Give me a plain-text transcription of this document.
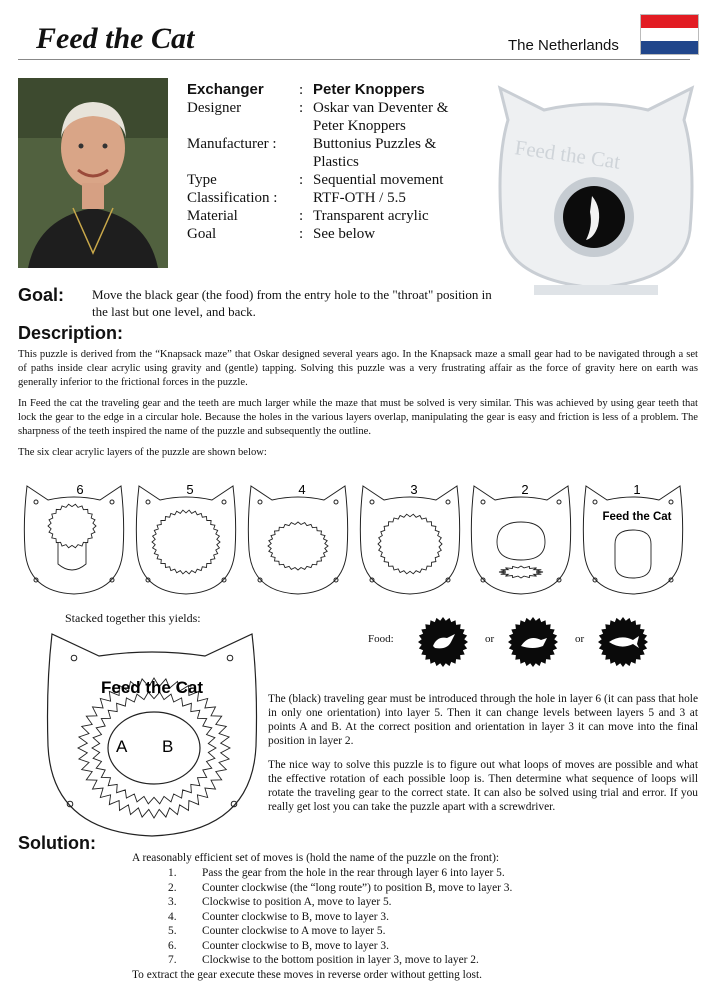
Feed the Cat	The Netherlands
Exchanger	: Peter Knoppers
Designer	: Oskar van Deventer &
Peter Knoppers
Manufacturer :	Buttonius Puzzles &
Plastics
Type	: Sequential movement
Classification :	RTF-OTH / 5.5
Material	: Transparent acrylic
Goal	: See below
Feed the Cat
Goal: Move the black gear (the food) from the entry hole to the "throat" position in the last but one level, and back.
Description:
This puzzle is derived from the “Knapsack maze” that Oskar designed several years ago. In the Knapsack maze a small gear had to be navigated through a set of paths inside clear acrylic using gravity and (gentle) tapping. Solving this puzzle was a very frustrating affair as the force of gravity here on earth was generally inferior to the frictional forces in the puzzle.
In Feed the cat the traveling gear and the teeth are much larger while the maze that must be solved is very similar. This was achieved by using gear teeth that lock the gear to the edge in a circular hole. Because the holes in the various layers overlap, manipulating the gear is easy and friction is less of a problem. The sharpness of the teeth inspired the name of the puzzle and subsequently the outline.
The six clear acrylic layers of the puzzle are shown below:
6	5	4	3	2	1
Feed the Cat
Stacked together this yields:
Feed the Cat
A B
Food:	or	or
The (black) traveling gear must be introduced through the hole in layer 6 (it can pass that hole in only one orientation) into layer 5. Then it can change levels between layers 5 and 3 at points A and B. At the correct position and orientation in layer 3 it can move into the final position in layer 2.
The nice way to solve this puzzle is to figure out what loops of moves are possible and what the effective rotation of each possible loop is. Then determine what sequence of loops will rotate the traveling gear to the correct state. It can also be solved using trial and error. If you really get lost you can take the puzzle apart with a screwdriver.
Solution:
A reasonably efficient set of moves is (hold the name of the puzzle on the front):
1.	Pass the gear from the hole in the rear through layer 6 into layer 5.
2.	Counter clockwise (the “long route”) to position B, move to layer 3.
3.	Clockwise to position A, move to layer 5.
4.	Counter clockwise to B, move to layer 3.
5.	Counter clockwise to A move to layer 5.
6.	Counter clockwise to B, move to layer 3.
7.	Clockwise to the bottom position in layer 3, move to layer 2.
To extract the gear execute these moves in reverse order without getting lost.
